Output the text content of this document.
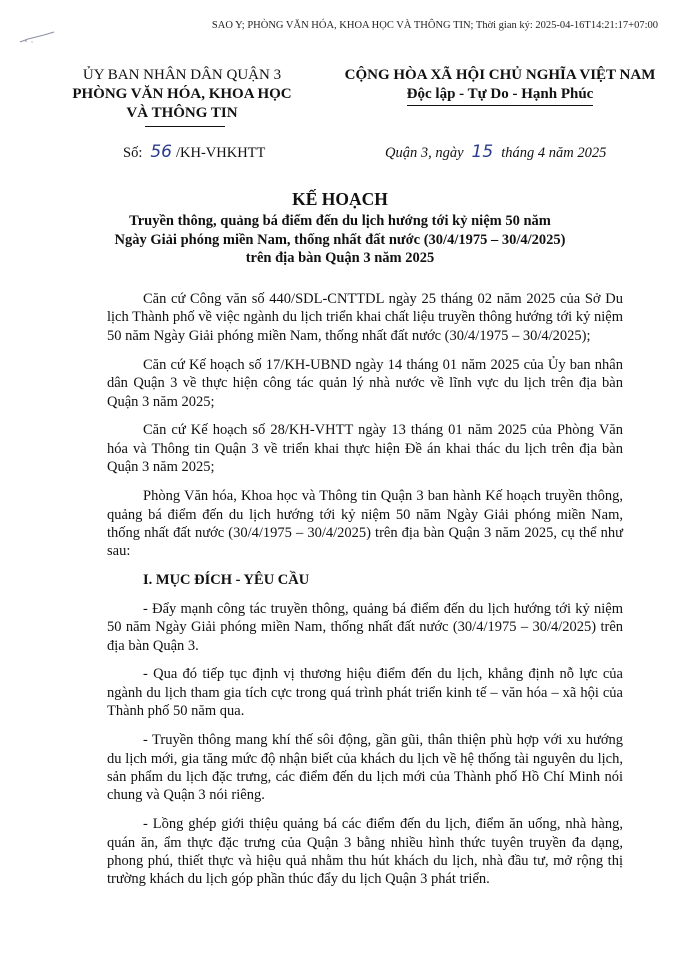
SAO Y; PHÒNG VĂN HÓA, KHOA HỌC VÀ THÔNG TIN; Thời gian ký: 2025-04-16T14:21:17+07:00
ỦY BAN NHÂN DÂN QUẬN 3
PHÒNG VĂN HÓA, KHOA HỌC
VÀ THÔNG TIN
CỘNG HÒA XÃ HỘI CHỦ NGHĨA VIỆT NAM
Độc lập - Tự Do - Hạnh Phúc
Số: 56 /KH-VHKHTT	Quận 3, ngày 15 tháng 4 năm 2025
KẾ HOẠCH
Truyền thông, quảng bá điểm đến du lịch hướng tới kỷ niệm 50 năm
Ngày Giải phóng miền Nam, thống nhất đất nước (30/4/1975 – 30/4/2025)
trên địa bàn Quận 3 năm 2025

Căn cứ Công văn số 440/SDL-CNTTDL ngày 25 tháng 02 năm 2025 của Sở Du lịch Thành phố về việc ngành du lịch triển khai chất liệu truyền thông hướng tới kỷ niệm 50 năm Ngày Giải phóng miền Nam, thống nhất đất nước (30/4/1975 – 30/4/2025);

Căn cứ Kế hoạch số 17/KH-UBND ngày 14 tháng 01 năm 2025 của Ủy ban nhân dân Quận 3 về thực hiện công tác quản lý nhà nước về lĩnh vực du lịch trên địa bàn Quận 3 năm 2025;

Căn cứ Kế hoạch số 28/KH-VHTT ngày 13 tháng 01 năm 2025 của Phòng Văn hóa và Thông tin Quận 3 về triển khai thực hiện Đề án khai thác du lịch trên địa bàn Quận 3 năm 2025;

Phòng Văn hóa, Khoa học và Thông tin Quận 3 ban hành Kế hoạch truyền thông, quảng bá điểm đến du lịch hướng tới kỷ niệm 50 năm Ngày Giải phóng miền Nam, thống nhất đất nước (30/4/1975 – 30/4/2025) trên địa bàn Quận 3 năm 2025, cụ thể như sau:

I. MỤC ĐÍCH - YÊU CẦU

- Đẩy mạnh công tác truyền thông, quảng bá điểm đến du lịch hướng tới kỷ niệm 50 năm Ngày Giải phóng miền Nam, thống nhất đất nước (30/4/1975 – 30/4/2025) trên địa bàn Quận 3.

- Qua đó tiếp tục định vị thương hiệu điểm đến du lịch, khẳng định nỗ lực của ngành du lịch tham gia tích cực trong quá trình phát triển kinh tế – văn hóa – xã hội của Thành phố 50 năm qua.

- Truyền thông mang khí thế sôi động, gần gũi, thân thiện phù hợp với xu hướng du lịch mới, gia tăng mức độ nhận biết của khách du lịch về hệ thống tài nguyên du lịch, sản phẩm du lịch đặc trưng, các điểm đến du lịch mới của Thành phố Hồ Chí Minh nói chung và Quận 3 nói riêng.

- Lồng ghép giới thiệu quảng bá các điểm đến du lịch, điểm ăn uống, nhà hàng, quán ăn, ẩm thực đặc trưng của Quận 3 bằng nhiều hình thức tuyên truyền đa dạng, phong phú, thiết thực và hiệu quả nhằm thu hút khách du lịch, nhà đầu tư, mở rộng thị trường khách du lịch góp phần thúc đẩy du lịch Quận 3 phát triển.
